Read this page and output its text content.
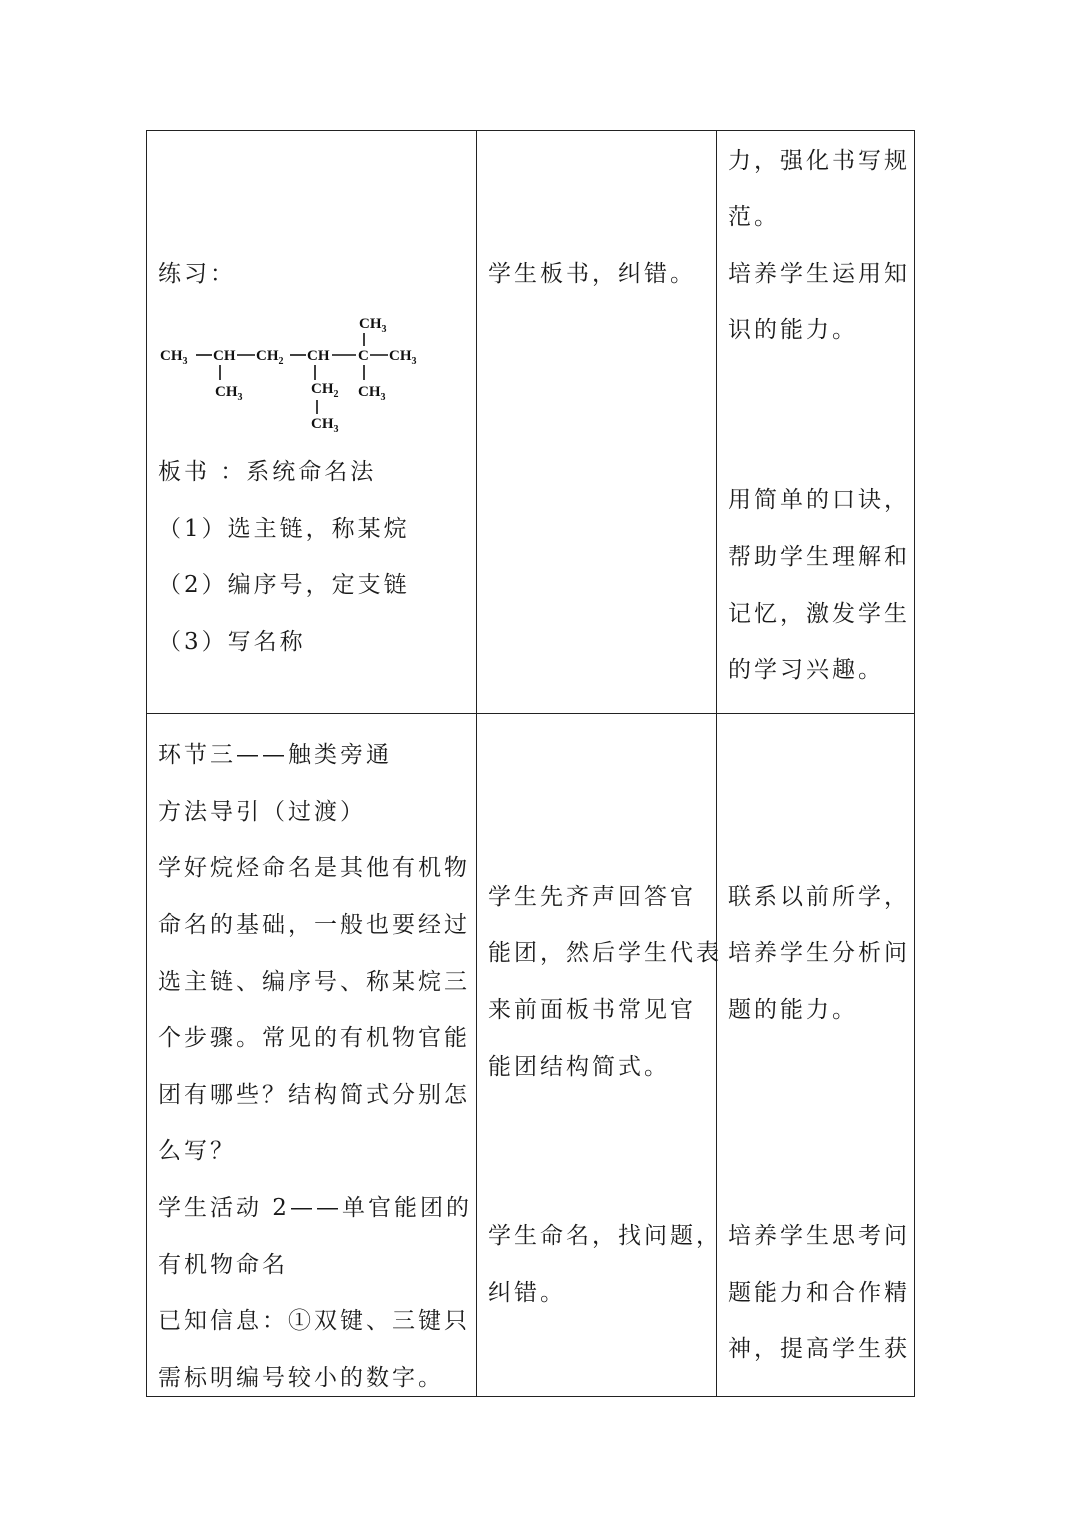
练习：
$CH_3$
$CH_3$ CH $CH_2$ CH C $CH_3$
$CH_3$
$CH_2$
$CH_3$
$CH_3$
板书 ：系统命名法
（1）选主链，称某烷
（2）编序号，定支链
（3）写名称
学生板书，纠错。
力，强化书写规
范。
培养学生运用知
识的能力。
用简单的口诀，
帮助学生理解和
记忆，激发学生
的学习兴趣。
环节三——触类旁通
方法导引（过渡）
学好烷烃命名是其他有机物
命名的基础，一般也要经过
选主链、编序号、称某烷三
个步骤。常见的有机物官能
团有哪些？结构简式分别怎
么写？
学生活动 2——单官能团的
有机物命名
已知信息：①双键、三键只
需标明编号较小的数字。
学生先齐声回答官
能团，然后学生代表
来前面板书常见官
能团结构简式。
学生命名，找问题，
纠错。
联系以前所学，
培养学生分析问
题的能力。
培养学生思考问
题能力和合作精
神，提高学生获
